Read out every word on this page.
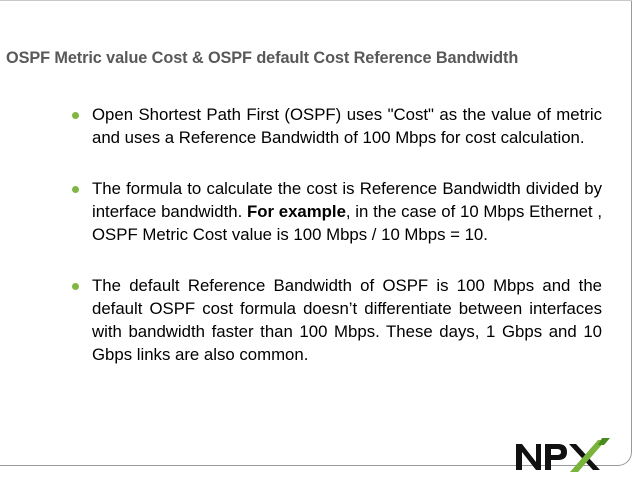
OSPF Metric value Cost & OSPF default Cost Reference Bandwidth
Open Shortest Path First (OSPF) uses "Cost" as the value of metric and uses a Reference Bandwidth of 100 Mbps for cost calculation.
The formula to calculate the cost is Reference Bandwidth divided by interface bandwidth. For example, in the case of 10 Mbps Ethernet , OSPF Metric Cost value is 100 Mbps / 10 Mbps = 10.
The default Reference Bandwidth of OSPF is 100 Mbps and the default OSPF cost formula doesn’t differentiate between interfaces with bandwidth faster than 100 Mbps. These days, 1 Gbps and 10 Gbps links are also common.
